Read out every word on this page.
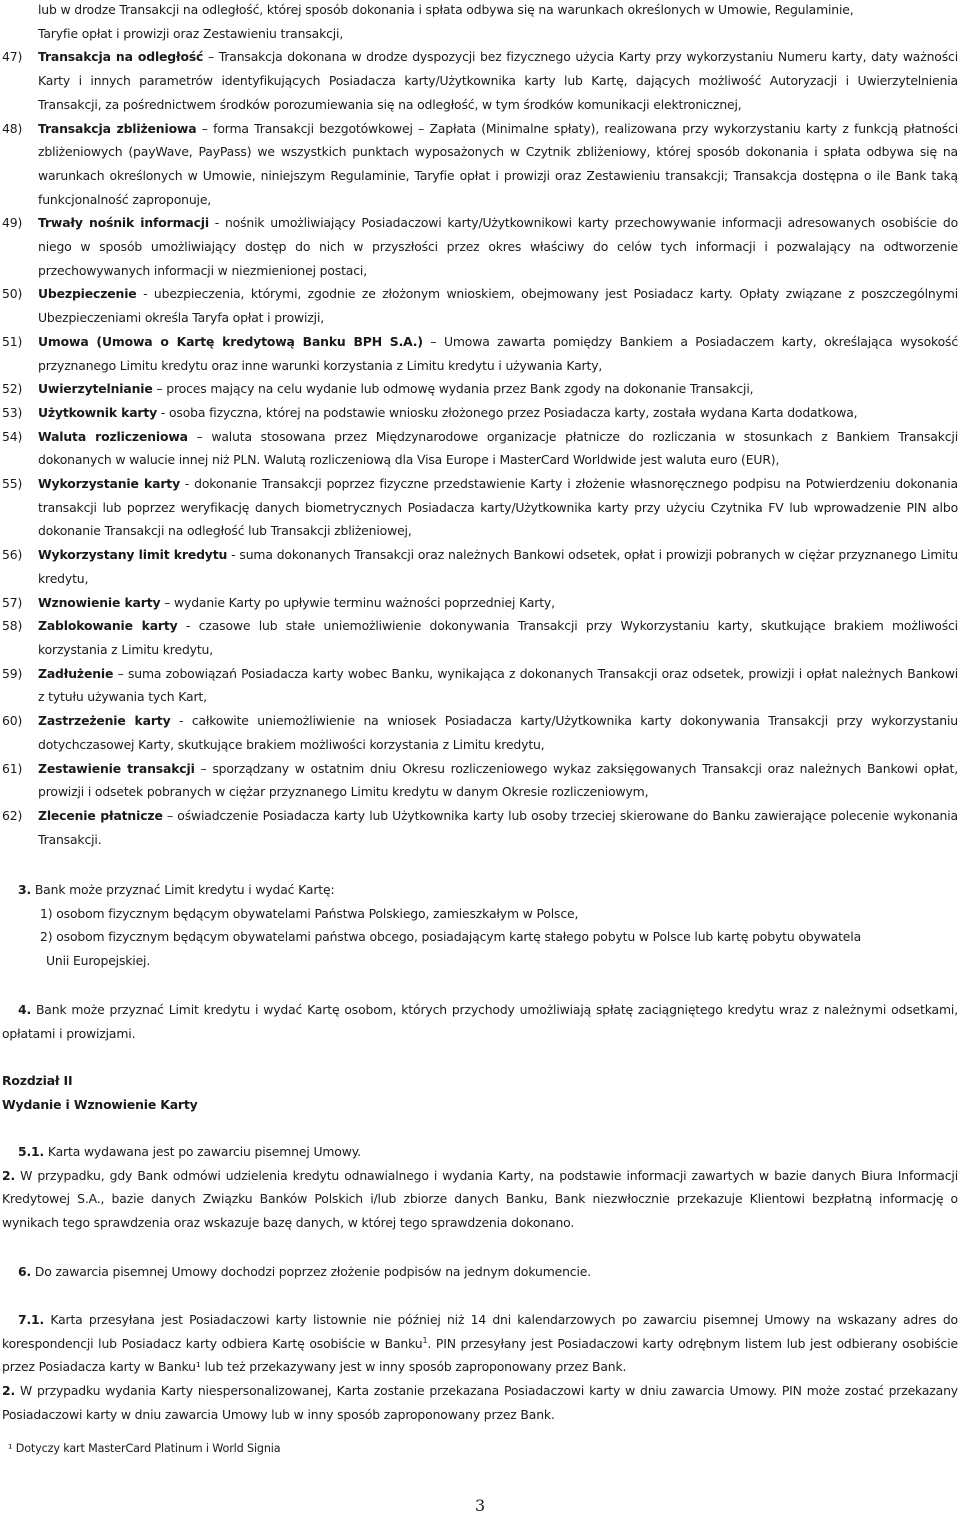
lub w drodze Transakcji na odległość, której sposób dokonania i spłata odbywa się na warunkach określonych w Umowie, Regulaminie,

Taryfie opłat i prowizji oraz Zestawieniu transakcji,

47) Transakcja na odległość – Transakcja dokonana w drodze dyspozycji bez fizycznego użycia Karty przy wykorzystaniu Numeru karty, daty ważności Karty i innych parametrów identyfikujących Posiadacza karty/Użytkownika karty lub Kartę, dających możliwość Autoryzacji i Uwierzytelnienia Transakcji, za pośrednictwem środków porozumiewania się na odległość, w tym środków komunikacji elektronicznej,
48) Transakcja zbliżeniowa – forma Transakcji bezgotówkowej – Zapłata (Minimalne spłaty), realizowana przy wykorzystaniu karty z funkcją płatności zbliżeniowych (payWave, PayPass) we wszystkich punktach wyposażonych w Czytnik zbliżeniowy, której sposób dokonania i spłata odbywa się na warunkach określonych w Umowie, niniejszym Regulaminie, Taryfie opłat i prowizji oraz Zestawieniu transakcji; Transakcja dostępna o ile Bank taką funkcjonalność zaproponuje,
49) Trwały nośnik informacji - nośnik umożliwiający Posiadaczowi karty/Użytkownikowi karty przechowywanie informacji adresowanych osobiście do niego w sposób umożliwiający dostęp do nich w przyszłości przez okres właściwy do celów tych informacji i pozwalający na odtworzenie przechowywanych informacji w niezmienionej postaci,
50) Ubezpieczenie - ubezpieczenia, którymi, zgodnie ze złożonym wnioskiem, obejmowany jest Posiadacz karty. Opłaty związane z poszczególnymi Ubezpieczeniami określa Taryfa opłat i prowizji,
51) Umowa (Umowa o Kartę kredytową Banku BPH S.A.) – Umowa zawarta pomiędzy Bankiem a Posiadaczem karty, określająca wysokość przyznanego Limitu kredytu oraz inne warunki korzystania z Limitu kredytu i używania Karty,
52) Uwierzytelnianie – proces mający na celu wydanie lub odmowę wydania przez Bank zgody na dokonanie Transakcji,
53) Użytkownik karty - osoba fizyczna, której na podstawie wniosku złożonego przez Posiadacza karty, została wydana Karta dodatkowa,
54) Waluta rozliczeniowa – waluta stosowana przez Międzynarodowe organizacje płatnicze do rozliczania w stosunkach z Bankiem Transakcji dokonanych w walucie innej niż PLN. Walutą rozliczeniową dla Visa Europe i MasterCard Worldwide jest waluta euro (EUR),
55) Wykorzystanie karty - dokonanie Transakcji poprzez fizyczne przedstawienie Karty i złożenie własnoręcznego podpisu na Potwierdzeniu dokonania transakcji lub poprzez weryfikację danych biometrycznych Posiadacza karty/Użytkownika karty przy użyciu Czytnika FV lub wprowadzenie PIN albo dokonanie Transakcji na odległość lub Transakcji zbliżeniowej,
56) Wykorzystany limit kredytu - suma dokonanych Transakcji oraz należnych Bankowi odsetek, opłat i prowizji pobranych w ciężar przyznanego Limitu kredytu,
57) Wznowienie karty – wydanie Karty po upływie terminu ważności poprzedniej Karty,
58) Zablokowanie karty - czasowe lub stałe uniemożliwienie dokonywania Transakcji przy Wykorzystaniu karty, skutkujące brakiem możliwości korzystania z Limitu kredytu,
59) Zadłużenie – suma zobowiązań Posiadacza karty wobec Banku, wynikająca z dokonanych Transakcji oraz odsetek, prowizji i opłat należnych Bankowi z tytułu używania tych Kart,
60) Zastrzeżenie karty - całkowite uniemożliwienie na wniosek Posiadacza karty/Użytkownika karty dokonywania Transakcji przy wykorzystaniu dotychczasowej Karty, skutkujące brakiem możliwości korzystania z Limitu kredytu,
61) Zestawienie transakcji – sporządzany w ostatnim dniu Okresu rozliczeniowego wykaz zaksięgowanych Transakcji oraz należnych Bankowi opłat, prowizji i odsetek pobranych w ciężar przyznanego Limitu kredytu w danym Okresie rozliczeniowym,
62) Zlecenie płatnicze – oświadczenie Posiadacza karty lub Użytkownika karty lub osoby trzeciej skierowane do Banku zawierające polecenie wykonania Transakcji.

3. Bank może przyznać Limit kredytu i wydać Kartę:

1) osobom fizycznym będącym obywatelami Państwa Polskiego, zamieszkałym w Polsce,

2) osobom fizycznym będącym obywatelami państwa obcego, posiadającym kartę stałego pobytu w Polsce lub kartę pobytu obywatela
Unii Europejskiej.

4. Bank może przyznać Limit kredytu i wydać Kartę osobom, których przychody umożliwiają spłatę zaciągniętego kredytu wraz z należnymi odsetkami, opłatami i prowizjami.

Rozdział II

Wydanie i Wznowienie Karty

5.1. Karta wydawana jest po zawarciu pisemnej Umowy.

2. W przypadku, gdy Bank odmówi udzielenia kredytu odnawialnego i wydania Karty, na podstawie informacji zawartych w bazie danych Biura Informacji Kredytowej S.A., bazie danych Związku Banków Polskich i/lub zbiorze danych Banku, Bank niezwłocznie przekazuje Klientowi bezpłatną informację o wynikach tego sprawdzenia oraz wskazuje bazę danych, w której tego sprawdzenia dokonano.

6. Do zawarcia pisemnej Umowy dochodzi poprzez złożenie podpisów na jednym dokumencie.

7.1. Karta przesyłana jest Posiadaczowi karty listownie nie później niż 14 dni kalendarzowych po zawarciu pisemnej Umowy na wskazany adres do korespondencji lub Posiadacz karty odbiera Kartę osobiście w Banku$^1$. PIN przesyłany jest Posiadaczowi karty odrębnym listem lub jest odbierany osobiście przez Posiadacza karty w Banku¹ lub też przekazywany jest w inny sposób zaproponowany przez Bank.

2. W przypadku wydania Karty niespersonalizowanej, Karta zostanie przekazana Posiadaczowi karty w dniu zawarcia Umowy. PIN może zostać przekazany Posiadaczowi karty w dniu zawarcia Umowy lub w inny sposób zaproponowany przez Bank.

¹ Dotyczy kart MasterCard Platinum i World Signia

3
